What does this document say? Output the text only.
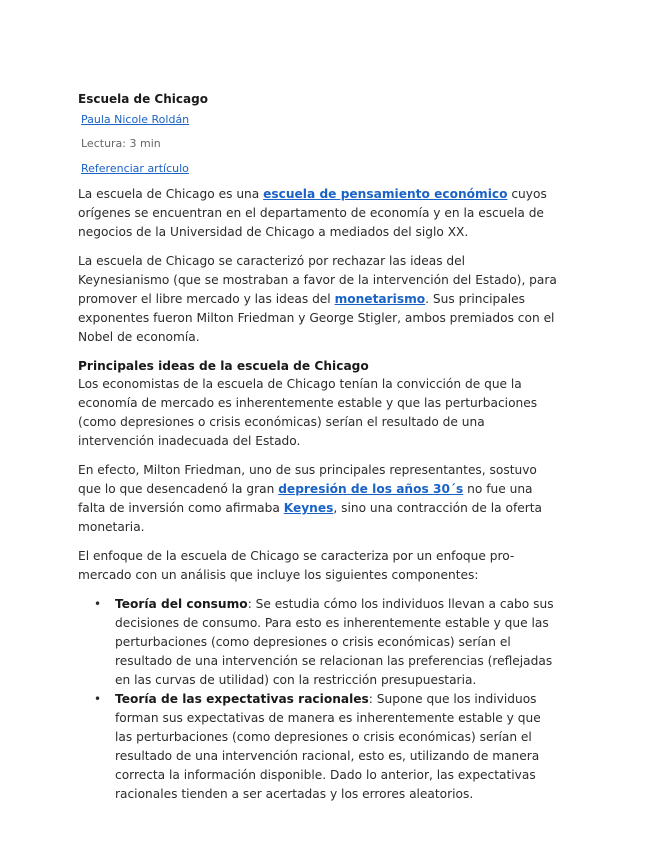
Escuela de Chicago
Paula Nicole Roldán
Lectura: 3 min
Referenciar artículo

La escuela de Chicago es una escuela de pensamiento económico cuyos orígenes se encuentran en el departamento de economía y en la escuela de negocios de la Universidad de Chicago a mediados del siglo XX.

La escuela de Chicago se caracterizó por rechazar las ideas del Keynesianismo (que se mostraban a favor de la intervención del Estado), para promover el libre mercado y las ideas del monetarismo. Sus principales exponentes fueron Milton Friedman y George Stigler, ambos premiados con el Nobel de economía.

Principales ideas de la escuela de Chicago

Los economistas de la escuela de Chicago tenían la convicción de que la economía de mercado es inherentemente estable y que las perturbaciones (como depresiones o crisis económicas) serían el resultado de una intervención inadecuada del Estado.

En efecto, Milton Friedman, uno de sus principales representantes, sostuvo que lo que desencadenó la gran depresión de los años 30´s no fue una falta de inversión como afirmaba Keynes, sino una contracción de la oferta monetaria.

El enfoque de la escuela de Chicago se caracteriza por un enfoque pro-mercado con un análisis que incluye los siguientes componentes:

• Teoría del consumo: Se estudia cómo los individuos llevan a cabo sus decisiones de consumo. Para esto es inherentemente estable y que las perturbaciones (como depresiones o crisis económicas) serían el resultado de una intervención se relacionan las preferencias (reflejadas en las curvas de utilidad) con la restricción presupuestaria.
• Teoría de las expectativas racionales: Supone que los individuos forman sus expectativas de manera es inherentemente estable y que las perturbaciones (como depresiones o crisis económicas) serían el resultado de una intervención racional, esto es, utilizando de manera correcta la información disponible. Dado lo anterior, las expectativas racionales tienden a ser acertadas y los errores aleatorios.
